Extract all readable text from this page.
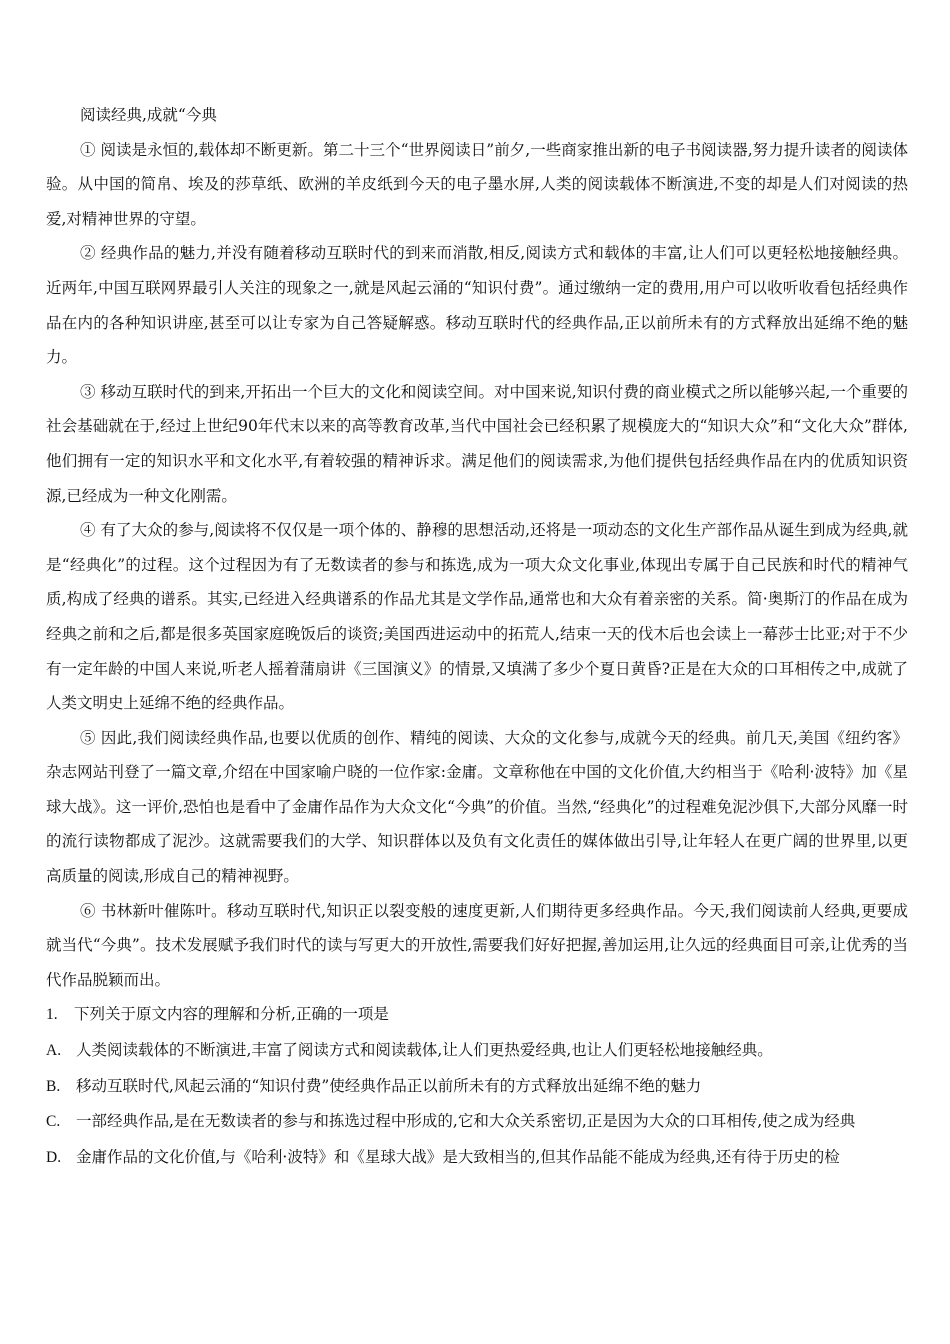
阅读经典,成就“今典

① 阅读是永恒的,载体却不断更新。第二十三个“世界阅读日”前夕,一些商家推出新的电子书阅读器,努力提升读者的阅读体验。从中国的简帛、埃及的莎草纸、欧洲的羊皮纸到今天的电子墨水屏,人类的阅读载体不断演进,不变的却是人们对阅读的热爱,对精神世界的守望。

② 经典作品的魅力,并没有随着移动互联时代的到来而消散,相反,阅读方式和载体的丰富,让人们可以更轻松地接触经典。近两年,中国互联网界最引人关注的现象之一,就是风起云涌的“知识付费”。通过缴纳一定的费用,用户可以收听收看包括经典作品在内的各种知识讲座,甚至可以让专家为自己答疑解惑。移动互联时代的经典作品,正以前所未有的方式释放出延绵不绝的魅力。

③ 移动互联时代的到来,开拓出一个巨大的文化和阅读空间。对中国来说,知识付费的商业模式之所以能够兴起,一个重要的社会基础就在于,经过上世纪90年代末以来的高等教育改革,当代中国社会已经积累了规模庞大的“知识大众”和“文化大众”群体,他们拥有一定的知识水平和文化水平,有着较强的精神诉求。满足他们的阅读需求,为他们提供包括经典作品在内的优质知识资源,已经成为一种文化刚需。

④ 有了大众的参与,阅读将不仅仅是一项个体的、静穆的思想活动,还将是一项动态的文化生产部作品从诞生到成为经典,就是“经典化”的过程。这个过程因为有了无数读者的参与和拣选,成为一项大众文化事业,体现出专属于自己民族和时代的精神气质,构成了经典的谱系。其实,已经进入经典谱系的作品尤其是文学作品,通常也和大众有着亲密的关系。简·奥斯汀的作品在成为经典之前和之后,都是很多英国家庭晚饭后的谈资;美国西进运动中的拓荒人,结束一天的伐木后也会读上一幕莎士比亚;对于不少有一定年龄的中国人来说,听老人摇着蒲扇讲《三国演义》的情景,又填满了多少个夏日黄昏?正是在大众的口耳相传之中,成就了人类文明史上延绵不绝的经典作品。

⑤ 因此,我们阅读经典作品,也要以优质的创作、精纯的阅读、大众的文化参与,成就今天的经典。前几天,美国《纽约客》杂志网站刊登了一篇文章,介绍在中国家喻户晓的一位作家:金庸。文章称他在中国的文化价值,大约相当于《哈利·波特》加《星球大战》。这一评价,恐怕也是看中了金庸作品作为大众文化“今典”的价值。当然,“经典化”的过程难免泥沙俱下,大部分风靡一时的流行读物都成了泥沙。这就需要我们的大学、知识群体以及负有文化责任的媒体做出引导,让年轻人在更广阔的世界里,以更高质量的阅读,形成自己的精神视野。

⑥ 书林新叶催陈叶。移动互联时代,知识正以裂变般的速度更新,人们期待更多经典作品。今天,我们阅读前人经典,更要成就当代“今典”。技术发展赋予我们时代的读与写更大的开放性,需要我们好好把握,善加运用,让久远的经典面目可亲,让优秀的当代作品脱颖而出。

1. 下列关于原文内容的理解和分析,正确的一项是

A. 人类阅读载体的不断演进,丰富了阅读方式和阅读载体,让人们更热爱经典,也让人们更轻松地接触经典。

B. 移动互联时代,风起云涌的“知识付费”使经典作品正以前所未有的方式释放出延绵不绝的魅力

C. 一部经典作品,是在无数读者的参与和拣选过程中形成的,它和大众关系密切,正是因为大众的口耳相传,使之成为经典

D. 金庸作品的文化价值,与《哈利·波特》和《星球大战》是大致相当的,但其作品能不能成为经典,还有待于历史的检
